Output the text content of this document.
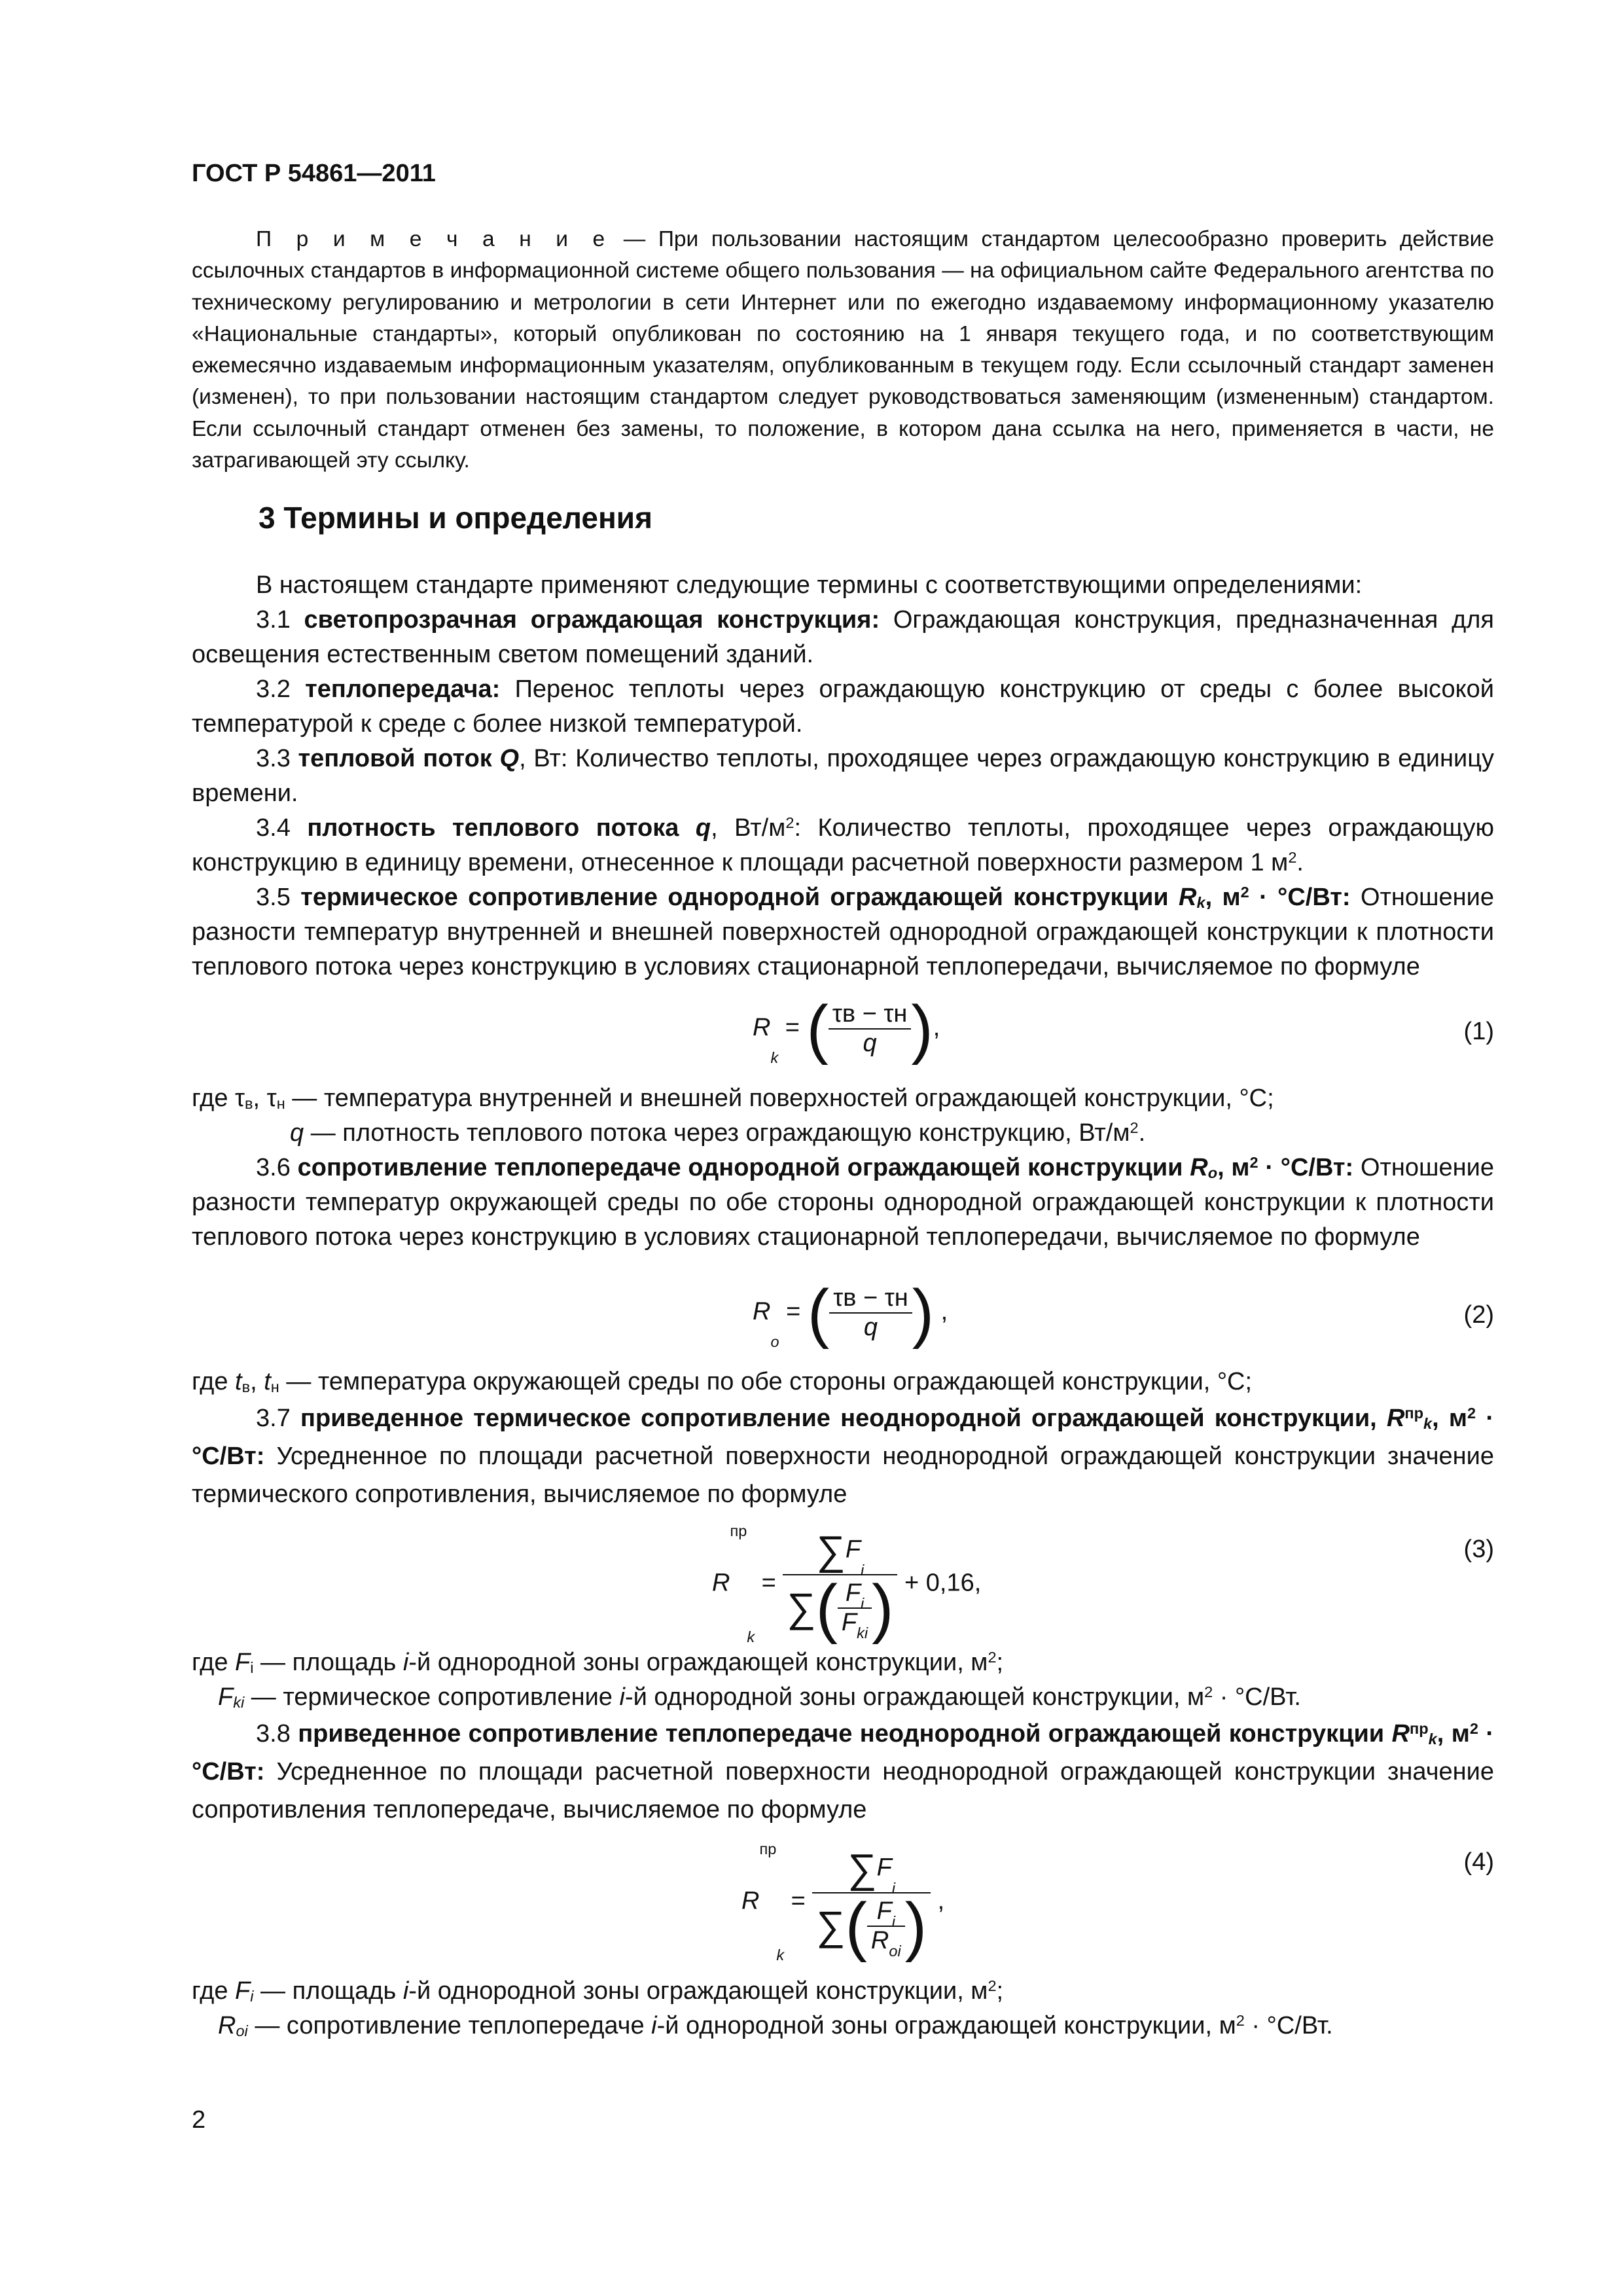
ГОСТ Р 54861—2011

П р и м е ч а н и е — При пользовании настоящим стандартом целесообразно проверить действие ссылочных стандартов в информационной системе общего пользования — на официальном сайте Федерального агентства по техническому регулированию и метрологии в сети Интернет или по ежегодно издаваемому информационному указателю «Национальные стандарты», который опубликован по состоянию на 1 января текущего года, и по соответствующим ежемесячно издаваемым информационным указателям, опубликованным в текущем году. Если ссылочный стандарт заменен (изменен), то при пользовании настоящим стандартом следует руководствоваться заменяющим (измененным) стандартом. Если ссылочный стандарт отменен без замены, то положение, в котором дана ссылка на него, применяется в части, не затрагивающей эту ссылку.

3 Термины и определения

В настоящем стандарте применяют следующие термины с соответствующими определениями:

3.1 светопрозрачная ограждающая конструкция: Ограждающая конструкция, предназначенная для освещения естественным светом помещений зданий.

3.2 теплопередача: Перенос теплоты через ограждающую конструкцию от среды с более высокой температурой к среде с более низкой температурой.

3.3 тепловой поток Q, Вт: Количество теплоты, проходящее через ограждающую конструкцию в единицу времени.

3.4 плотность теплового потока q, $Вт/м^2$: Количество теплоты, проходящее через ограждающую конструкцию в единицу времени, отнесенное к площади расчетной поверхности размером 1 $м^2$.

3.5 термическое сопротивление однородной ограждающей конструкции $R_k$, $м^2 \cdot ^\circ С/Вт$: Отношение разности температур внутренней и внешней поверхностей однородной ограждающей конструкции к плотности теплового потока через конструкцию в условиях стационарной теплопередачи, вычисляемое по формуле

$R_k$ = ( $\frac{\tau в - \tau н}{q}$ ),	(1)

где $\tau_в$, $\tau_н$ — температура внутренней и внешней поверхностей ограждающей конструкции, °С;

q — плотность теплового потока через ограждающую конструкцию, $Вт/м^2$.

3.6 сопротивление теплопередаче однородной ограждающей конструкции $R_o$, $м^2 \cdot ^\circ С/Вт$: Отношение разности температур окружающей среды по обе стороны однородной ограждающей конструкции к плотности теплового потока через конструкцию в условиях стационарной теплопередачи, вычисляемое по формуле

$R_o$ = ( $\frac{\tau в - \tau н}{q}$ ) ,	(2)

где $t_в$, $t_н$ — температура окружающей среды по обе стороны ограждающей конструкции, °С;

3.7 приведенное термическое сопротивление неоднородной ограждающей конструкции, $R^{пр}_k$, $м^2 \cdot ^\circ С/Вт$: Усредненное по площади расчетной поверхности неоднородной ограждающей конструкции значение термического сопротивления, вычисляемое по формуле

$R^{пр}_k = \frac{\sum F_i}{\sum( \frac{F_i}{F_{ki}} )} + 0,16$,
(3)

где $F_i$ — площадь i-й однородной зоны ограждающей конструкции, $м^2$;

$F_{ki}$ — термическое сопротивление i-й однородной зоны ограждающей конструкции, $м^2 \cdot ^\circ С/Вт$.

3.8 приведенное сопротивление теплопередаче неоднородной ограждающей конструкции $R^{пр}_k$, $м^2 \cdot ^\circ С/Вт$: Усредненное по площади расчетной поверхности неоднородной ограждающей конструкции значение сопротивления теплопередаче, вычисляемое по формуле

$R^{пр}_k = \frac{\sum F_i}{\sum( \frac{F_i}{R_{oi}} )}$ ,
(4)

где $F_i$ — площадь i-й однородной зоны ограждающей конструкции, $м^2$;

$R_{oi}$ — сопротивление теплопередаче i-й однородной зоны ограждающей конструкции, $м^2 \cdot ^\circ С/Вт$.

2
